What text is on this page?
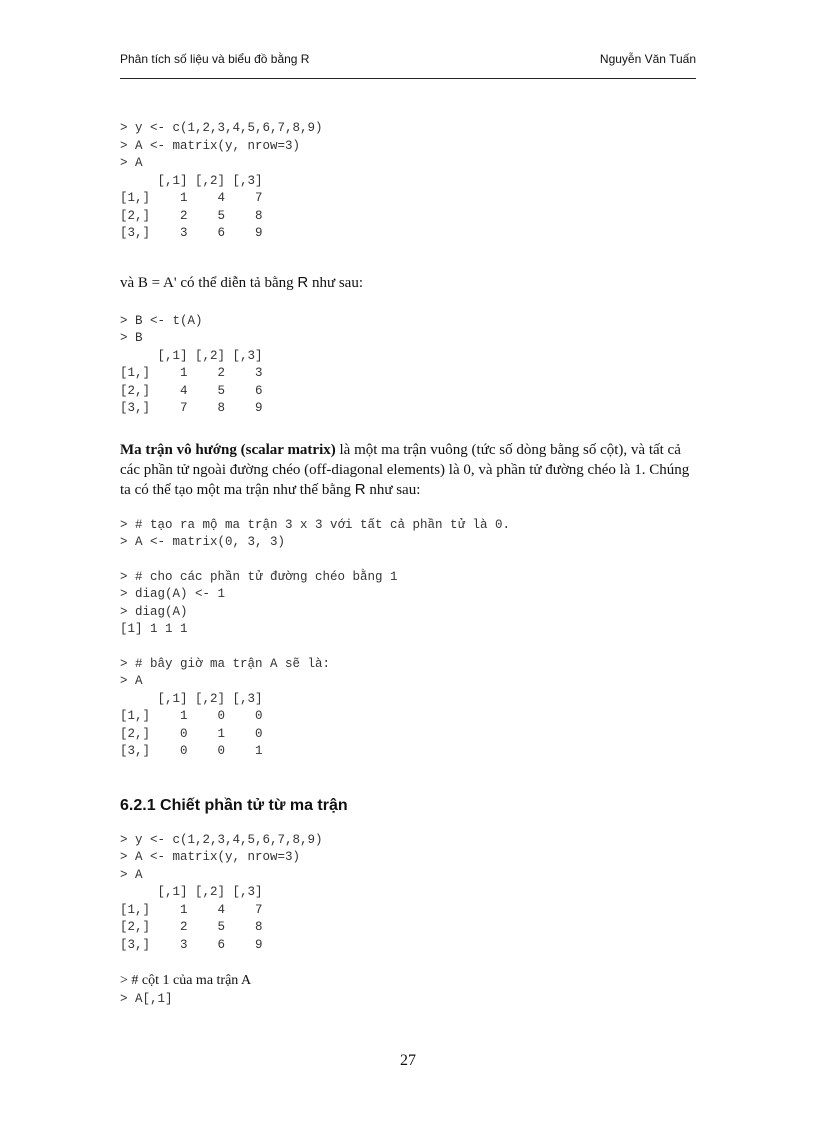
Phân tích số liệu và biểu đồ bằng R	Nguyễn Văn Tuấn
> y <- c(1,2,3,4,5,6,7,8,9)
> A <- matrix(y, nrow=3)
> A
[,1] [,2] [,3]
[1,]    1    4    7
[2,]    2    5    8
[3,]    3    6    9

và B = A' có thể diễn tả bằng R như sau:

> B <- t(A)
> B
[,1] [,2] [,3]
[1,]    1    2    3
[2,]    4    5    6
[3,]    7    8    9

Ma trận vô hướng (scalar matrix) là một ma trận vuông (tức số dòng bằng số cột), và tất cả các phần tử ngoài đường chéo (off-diagonal elements) là 0, và phần tử đường chéo là 1. Chúng ta có thể tạo một ma trận như thế bằng R như sau:

> # tạo ra mộ ma trận 3 x 3 với tất cả phần tử là 0.
> A <- matrix(0, 3, 3)
> # cho các phần tử đường chéo bằng 1
> diag(A) <- 1
> diag(A)
[1] 1 1 1
> # bây giờ ma trận A sẽ là:
> A
[,1] [,2] [,3]
[1,]    1    0    0
[2,]    0    1    0
[3,]    0    0    1
6.2.1 Chiết phần tử từ ma trận
> y <- c(1,2,3,4,5,6,7,8,9)
> A <- matrix(y, nrow=3)
> A
[,1] [,2] [,3]
[1,]    1    4    7
[2,]    2    5    8
[3,]    3    6    9

> # cột 1 của ma trận A

> A[,1]
27
